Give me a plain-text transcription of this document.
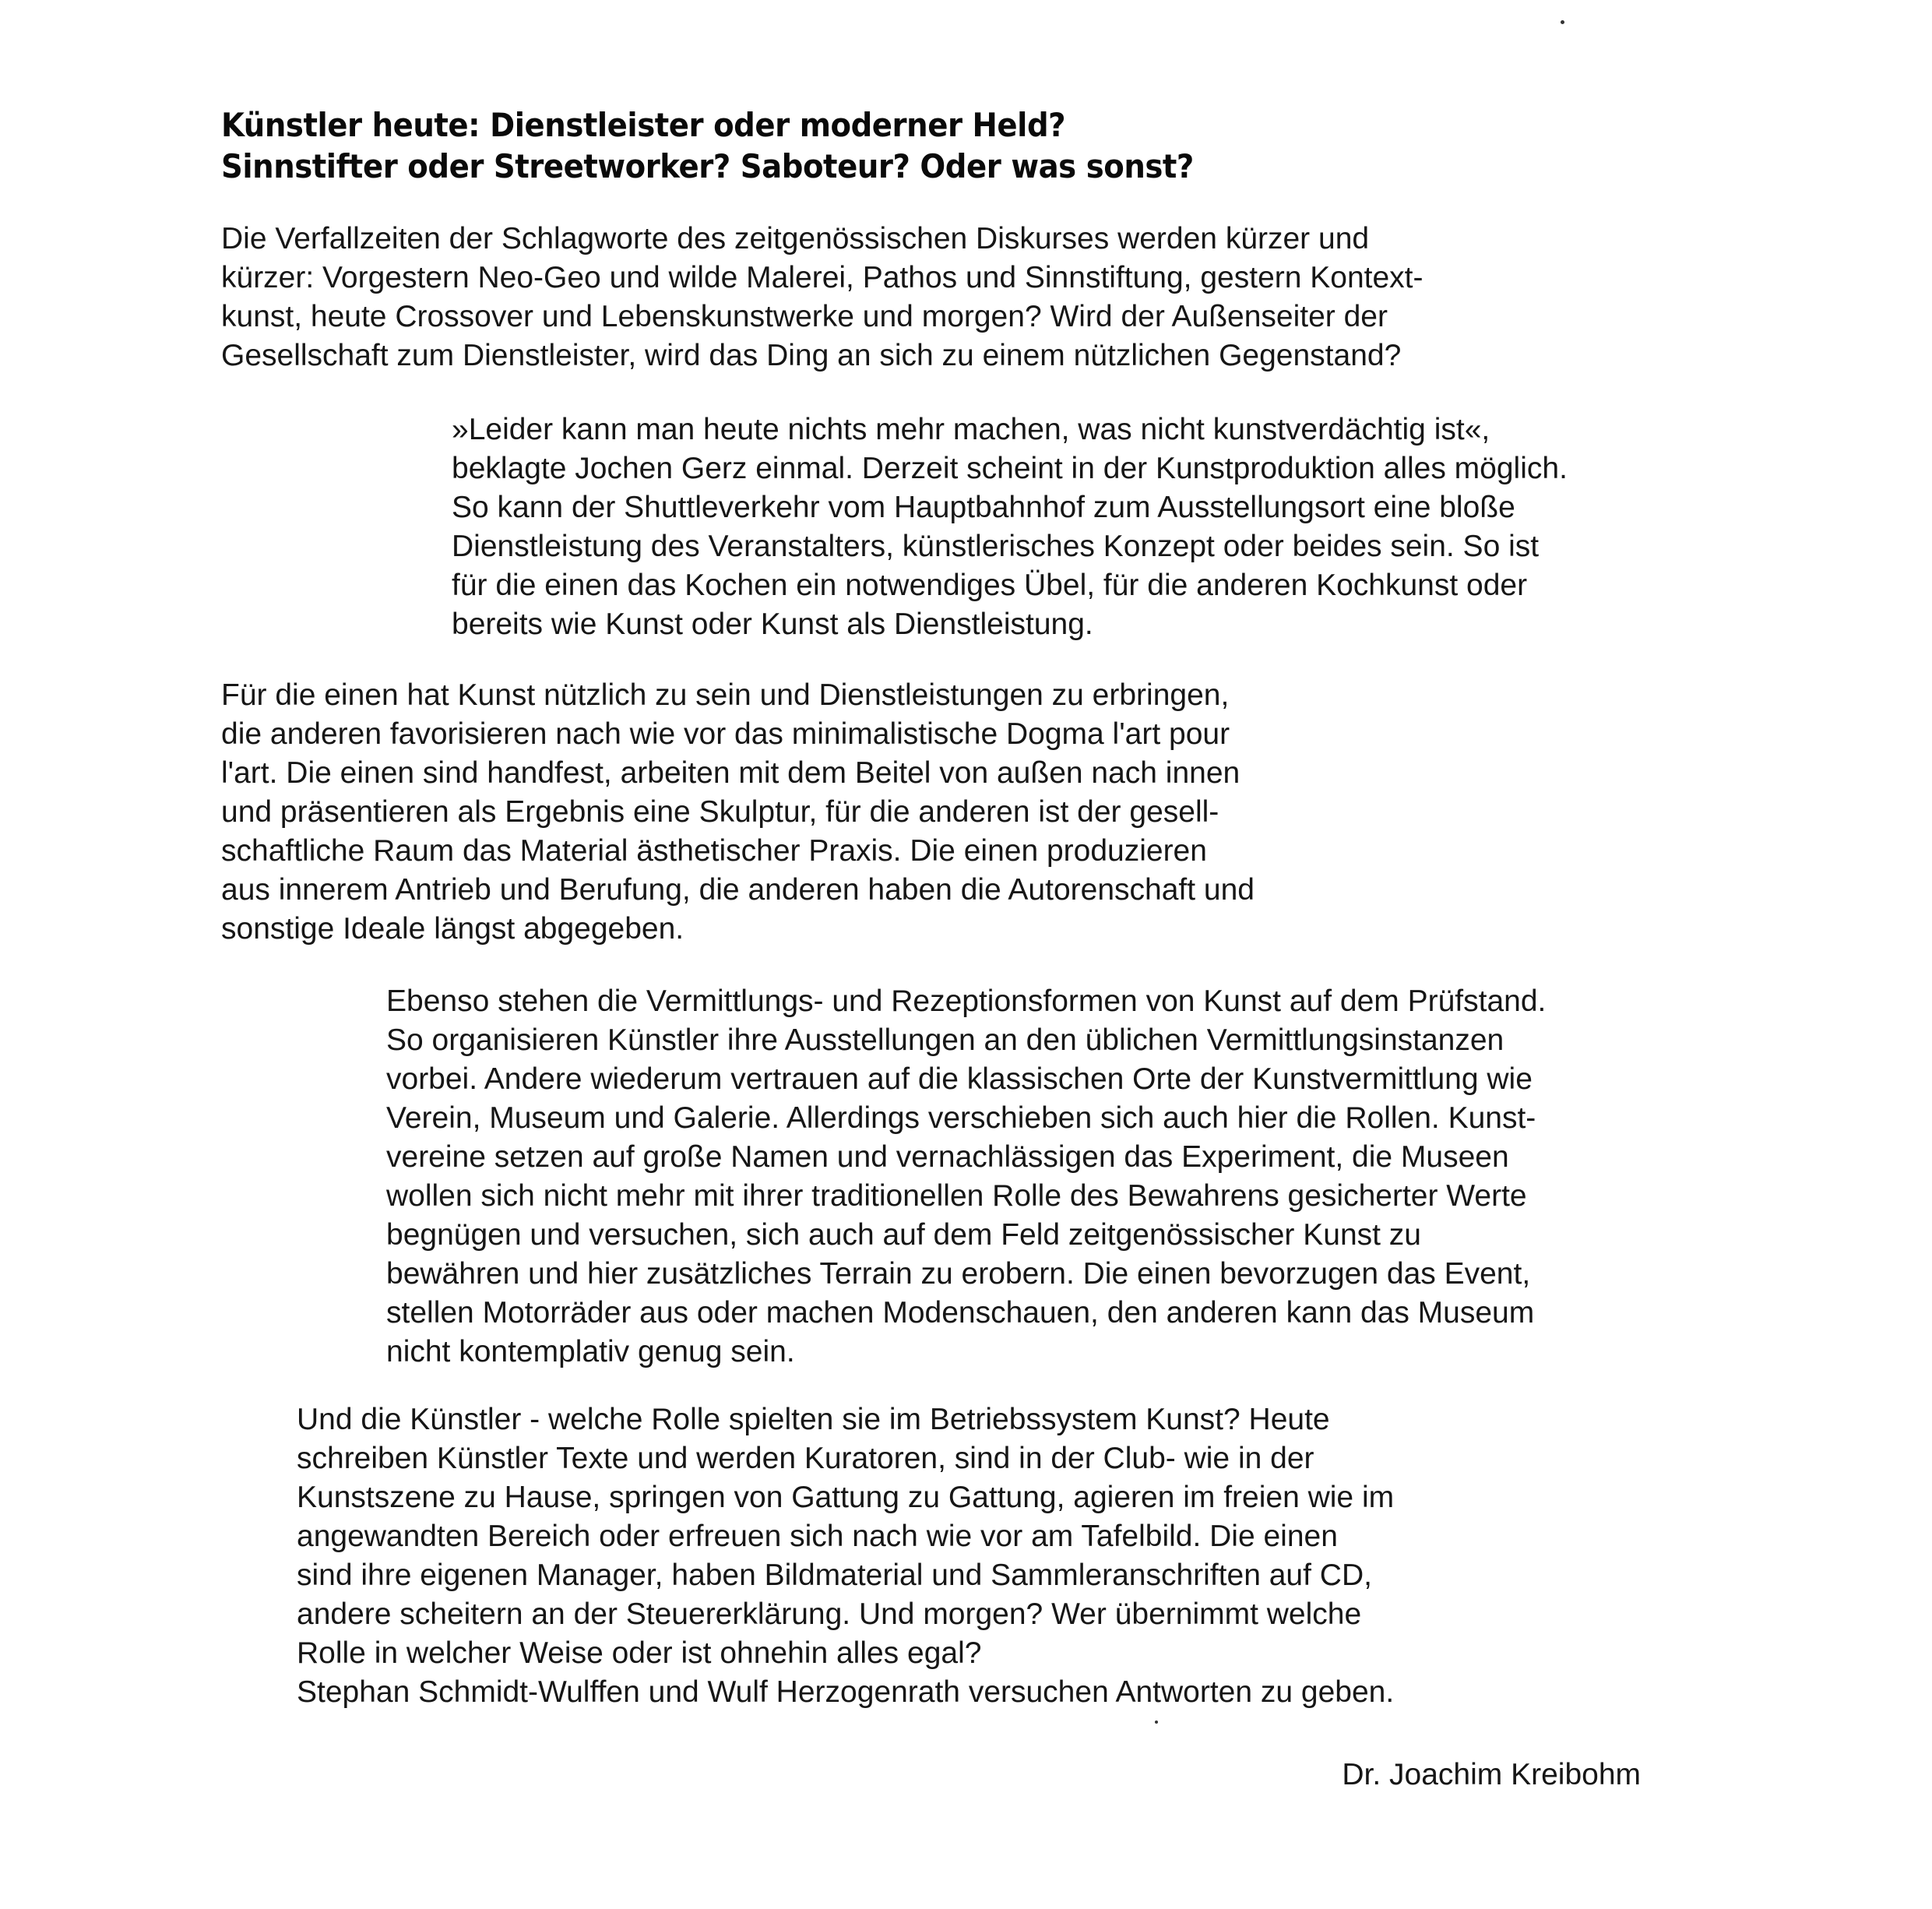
Künstler heute: Dienstleister oder moderner Held?
Sinnstifter oder Streetworker? Saboteur? Oder was sonst?
Die Verfallzeiten der Schlagworte des zeitgenössischen Diskurses werden kürzer und
kürzer: Vorgestern Neo-Geo und wilde Malerei, Pathos und Sinnstiftung, gestern Kontext-
kunst, heute Crossover und Lebenskunstwerke und morgen? Wird der Außenseiter der
Gesellschaft zum Dienstleister, wird das Ding an sich zu einem nützlichen Gegenstand?
»Leider kann man heute nichts mehr machen, was nicht kunstverdächtig ist«,
beklagte Jochen Gerz einmal. Derzeit scheint in der Kunstproduktion alles möglich.
So kann der Shuttleverkehr vom Hauptbahnhof zum Ausstellungsort eine bloße
Dienstleistung des Veranstalters, künstlerisches Konzept oder beides sein. So ist
für die einen das Kochen ein notwendiges Übel, für die anderen Kochkunst oder
bereits wie Kunst oder Kunst als Dienstleistung.
Für die einen hat Kunst nützlich zu sein und Dienstleistungen zu erbringen,
die anderen favorisieren nach wie vor das minimalistische Dogma l'art pour
l'art. Die einen sind handfest, arbeiten mit dem Beitel von außen nach innen
und präsentieren als Ergebnis eine Skulptur, für die anderen ist der gesell-
schaftliche Raum das Material ästhetischer Praxis. Die einen produzieren
aus innerem Antrieb und Berufung, die anderen haben die Autorenschaft und
sonstige Ideale längst abgegeben.
Ebenso stehen die Vermittlungs- und Rezeptionsformen von Kunst auf dem Prüfstand.
So organisieren Künstler ihre Ausstellungen an den üblichen Vermittlungsinstanzen
vorbei. Andere wiederum vertrauen auf die klassischen Orte der Kunstvermittlung wie
Verein, Museum und Galerie. Allerdings verschieben sich auch hier die Rollen. Kunst-
vereine setzen auf große Namen und vernachlässigen das Experiment, die Museen
wollen sich nicht mehr mit ihrer traditionellen Rolle des Bewahrens gesicherter Werte
begnügen und versuchen, sich auch auf dem Feld zeitgenössischer Kunst zu
bewähren und hier zusätzliches Terrain zu erobern. Die einen bevorzugen das Event,
stellen Motorräder aus oder machen Modenschauen, den anderen kann das Museum
nicht kontemplativ genug sein.
Und die Künstler - welche Rolle spielten sie im Betriebssystem Kunst? Heute
schreiben Künstler Texte und werden Kuratoren, sind in der Club- wie in der
Kunstszene zu Hause, springen von Gattung zu Gattung, agieren im freien wie im
angewandten Bereich oder erfreuen sich nach wie vor am Tafelbild. Die einen
sind ihre eigenen Manager, haben Bildmaterial und Sammleranschriften auf CD,
andere scheitern an der Steuererklärung. Und morgen? Wer übernimmt welche
Rolle in welcher Weise oder ist ohnehin alles egal?
Stephan Schmidt-Wulffen und Wulf Herzogenrath versuchen Antworten zu geben.

Dr. Joachim Kreibohm
